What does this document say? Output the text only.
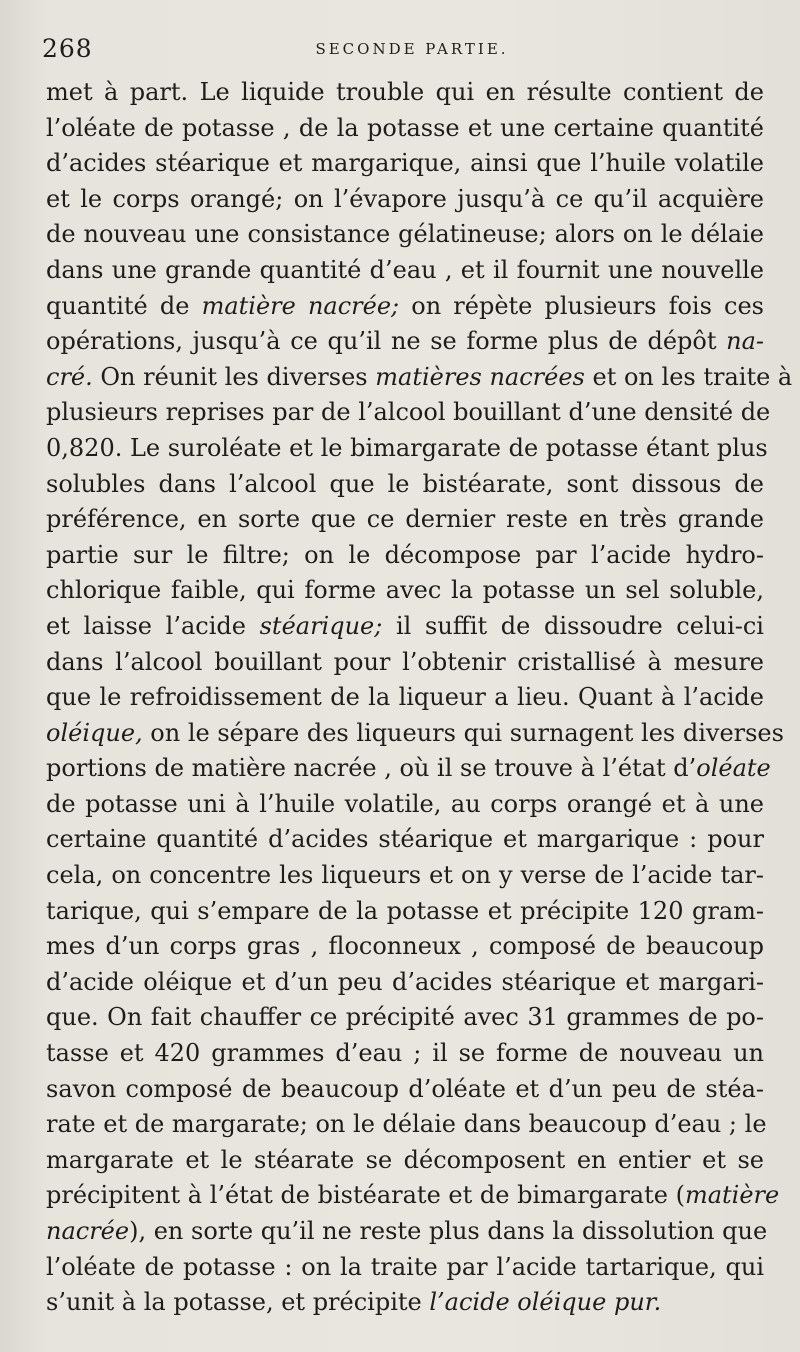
268	SECONDE PARTIE.
met à part. Le liquide trouble qui en résulte contient de
l’oléate de potasse , de la potasse et une certaine quantité
d’acides stéarique et margarique, ainsi que l’huile volatile
et le corps orangé; on l’évapore jusqu’à ce qu’il acquière
de nouveau une consistance gélatineuse; alors on le délaie
dans une grande quantité d’eau , et il fournit une nouvelle
quantité de matière nacrée; on répète plusieurs fois ces
opérations, jusqu’à ce qu’il ne se forme plus de dépôt na-
cré. On réunit les diverses matières nacrées et on les traite à
plusieurs reprises par de l’alcool bouillant d’une densité de
0,820. Le suroléate et le bimargarate de potasse étant plus
solubles dans l’alcool que le bistéarate, sont dissous de
préférence, en sorte que ce dernier reste en très grande
partie sur le filtre; on le décompose par l’acide hydro-
chlorique faible, qui forme avec la potasse un sel soluble,
et laisse l’acide stéarique; il suffit de dissoudre celui-ci
dans l’alcool bouillant pour l’obtenir cristallisé à mesure
que le refroidissement de la liqueur a lieu. Quant à l’acide
oléique, on le sépare des liqueurs qui surnagent les diverses
portions de matière nacrée , où il se trouve à l’état d’oléate
de potasse uni à l’huile volatile, au corps orangé et à une
certaine quantité d’acides stéarique et margarique : pour
cela, on concentre les liqueurs et on y verse de l’acide tar-
tarique, qui s’empare de la potasse et précipite 120 gram-
mes d’un corps gras , floconneux , composé de beaucoup
d’acide oléique et d’un peu d’acides stéarique et margari-
que. On fait chauffer ce précipité avec 31 grammes de po-
tasse et 420 grammes d’eau ; il se forme de nouveau un
savon composé de beaucoup d’oléate et d’un peu de stéa-
rate et de margarate; on le délaie dans beaucoup d’eau ; le
margarate et le stéarate se décomposent en entier et se
précipitent à l’état de bistéarate et de bimargarate (matière
nacrée), en sorte qu’il ne reste plus dans la dissolution que
l’oléate de potasse : on la traite par l’acide tartarique, qui
s’unit à la potasse, et précipite l’acide oléique pur.
